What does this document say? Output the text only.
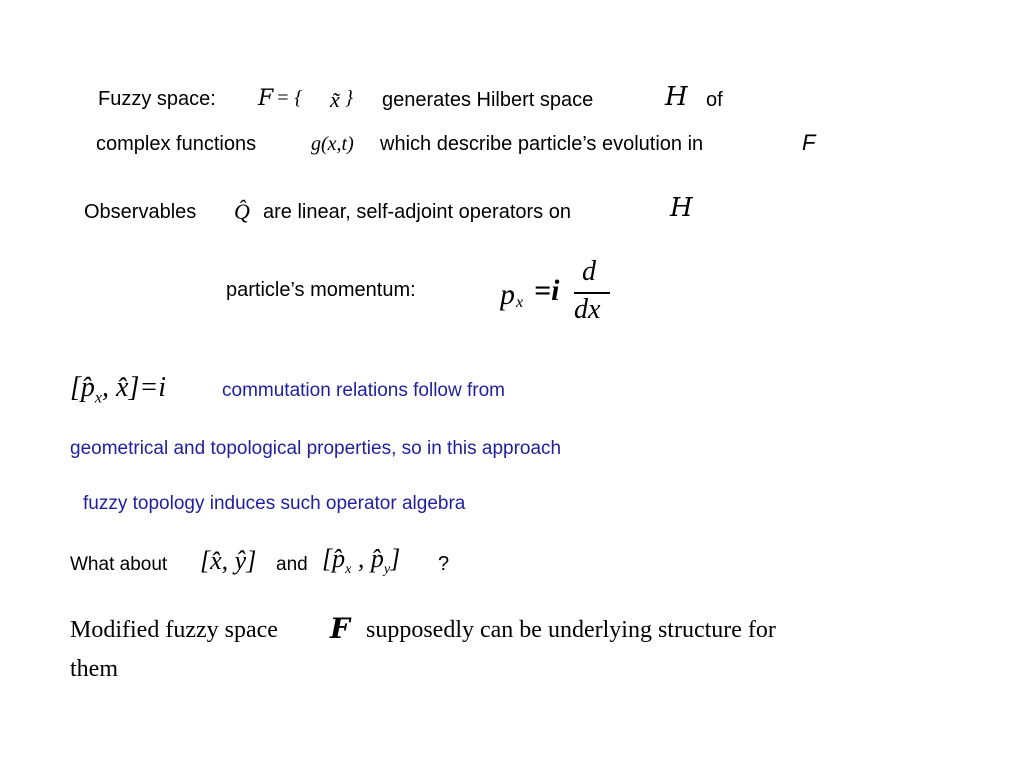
Fuzzy space: F = { x̃ } generates Hilbert space	H of
complex functions	g(x,t) which describe particle’s evolution in	F
Observables Q̂ are linear, self-adjoint operators on	H
particle’s momentum:	p x =i
d
dx
[$p̂_x$, x̂]=i	commutation relations follow from
geometrical and topological properties, so in this approach
fuzzy topology induces such operator algebra
What about [x̂, ŷ] and [$p̂_x$ , $p̂_y$] ?
Modified fuzzy space F supposedly can be underlying structure for
them
